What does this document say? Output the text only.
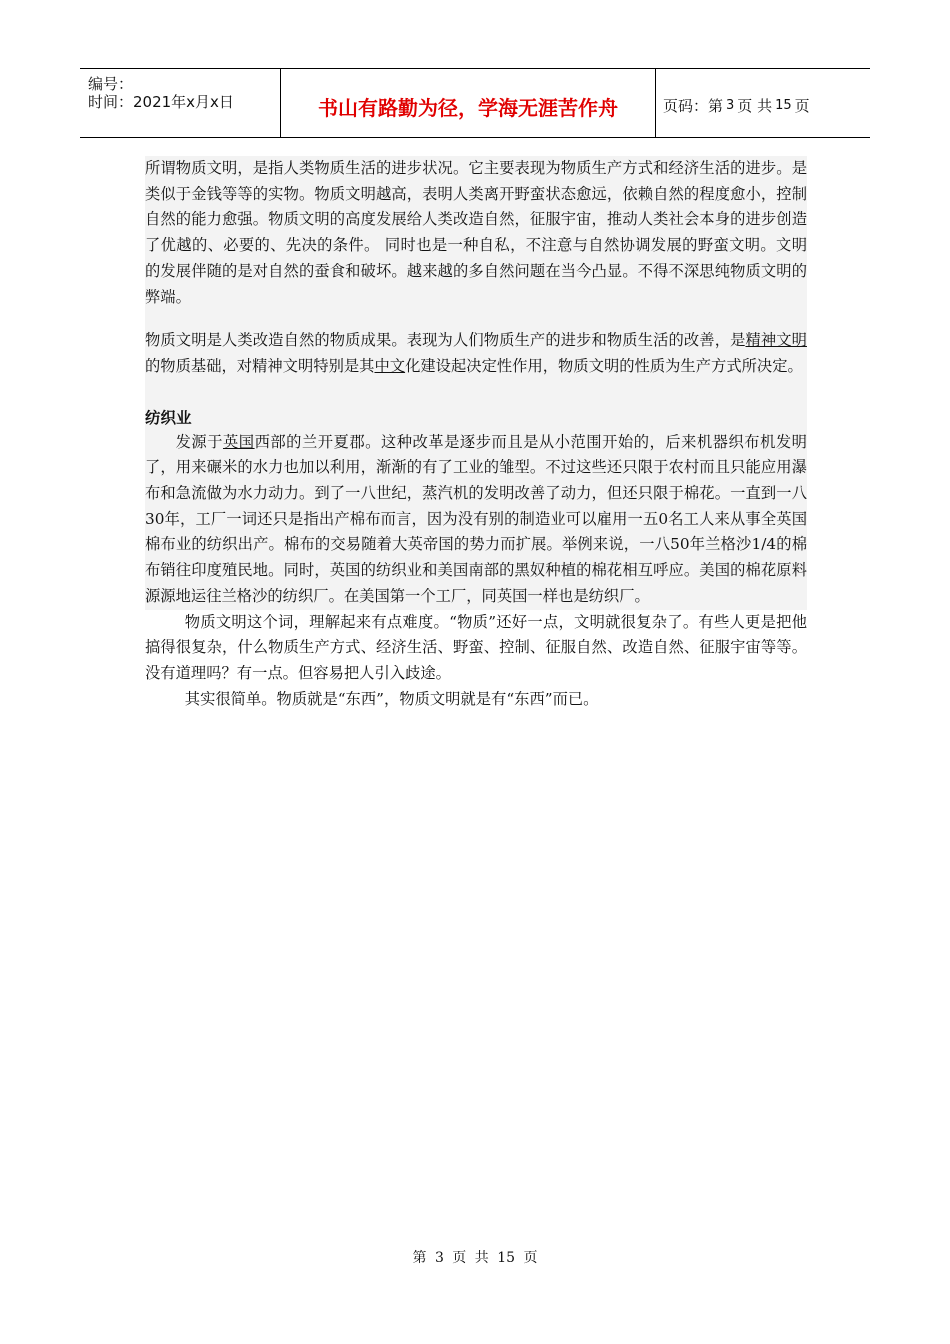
编号：
时间：2021年x月x日	书山有路勤为径，学海无涯苦作舟	页码：第 3 页 共 15 页

所谓物质文明，是指人类物质生活的进步状况。它主要表现为物质生产方式和经济生活的进步。是类似于金钱等等的实物。物质文明越高，表明人类离开野蛮状态愈远，依赖自然的程度愈小，控制自然的能力愈强。物质文明的高度发展给人类改造自然，征服宇宙，推动人类社会本身的进步创造了优越的、必要的、先决的条件。 同时也是一种自私，不注意与自然协调发展的野蛮文明。文明的发展伴随的是对自然的蚕食和破坏。越来越的多自然问题在当今凸显。不得不深思纯物质文明的弊端。

物质文明是人类改造自然的物质成果。表现为人们物质生产的进步和物质生活的改善，是精神文明的物质基础，对精神文明特别是其中文化建设起决定性作用，物质文明的性质为生产方式所决定。

纺织业

发源于英国西部的兰开夏郡。这种改革是逐步而且是从小范围开始的，后来机器织布机发明了，用来碾米的水力也加以利用，渐渐的有了工业的雏型。不过这些还只限于农村而且只能应用瀑布和急流做为水力动力。到了一八世纪，蒸汽机的发明改善了动力，但还只限于棉花。一直到一八30年，工厂一词还只是指出产棉布而言，因为没有别的制造业可以雇用一五0名工人来从事全英国棉布业的纺织出产。棉布的交易随着大英帝国的势力而扩展。举例来说，一八50年兰格沙1/4的棉布销往印度殖民地。同时，英国的纺织业和美国南部的黑奴种植的棉花相互呼应。美国的棉花原料源源地运往兰格沙的纺织厂。在美国第一个工厂，同英国一样也是纺织厂。

物质文明这个词，理解起来有点难度。“物质”还好一点，文明就很复杂了。有些人更是把他搞得很复杂，什么物质生产方式、经济生活、野蛮、控制、征服自然、改造自然、征服宇宙等等。没有道理吗？有一点。但容易把人引入歧途。

其实很简单。物质就是“东西”，物质文明就是有“东西”而已。

第 3 页 共 15 页
